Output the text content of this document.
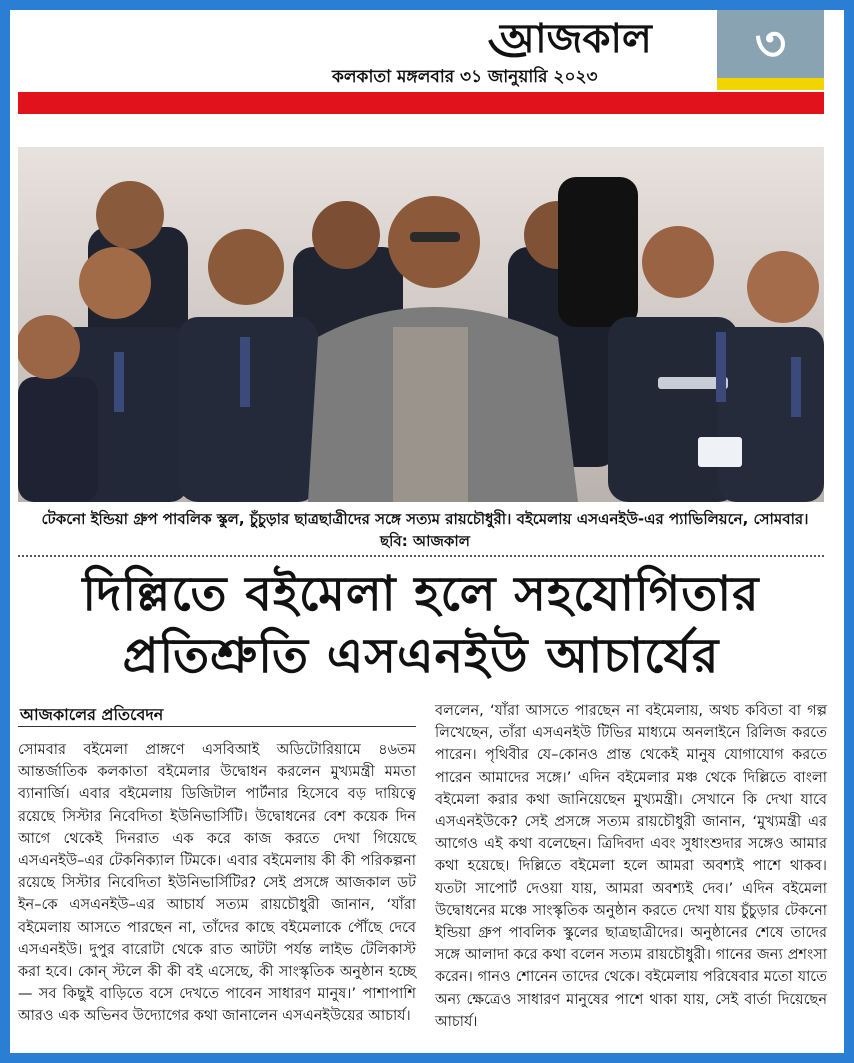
আজকাল
কলকাতা মঙ্গলবার ৩১ জানুয়ারি ২০২৩
৩
টেকনো ইন্ডিয়া গ্রুপ পাবলিক স্কুল, চুঁচুড়ার ছাত্রছাত্রীদের সঙ্গে সত্যম রায়চৌধুরী। বইমেলায় এসএনইউ-এর প্যাভিলিয়নে, সোমবার। ছবি: আজকাল
দিল্লিতে বইমেলা হলে সহযোগিতার প্রতিশ্রুতি এসএনইউ আচার্যের
আজকালের প্রতিবেদন

সোমবার বইমেলা প্রাঙ্গণে এসবিআই অডিটোরিয়ামে ৪৬তম আন্তর্জাতিক কলকাতা বইমেলার উদ্বোধন করলেন মুখ্যমন্ত্রী মমতা ব্যানার্জি। এবার বইমেলায় ডিজিটাল পার্টনার হিসেবে বড় দায়িত্বে রয়েছে সিস্টার নিবেদিতা ইউনিভার্সিটি। উদ্বোধনের বেশ কয়েক দিন আগে থেকেই দিনরাত এক করে কাজ করতে দেখা গিয়েছে এসএনইউ–এর টেকনিক্যাল টিমকে। এবার বইমেলায় কী কী পরিকল্পনা রয়েছে সিস্টার নিবেদিতা ইউনিভার্সিটির? সেই প্রসঙ্গে আজকাল ডট ইন–কে এসএনইউ–এর আচার্য সত্যম রায়চৌধুরী জানান, ‘যাঁরা বইমেলায় আসতে পারছেন না, তাঁদের কাছে বইমেলাকে পৌঁছে দেবে এসএনইউ। দুপুর বারোটা থেকে রাত আটটা পর্যন্ত লাইভ টেলিকাস্ট করা হবে। কোন্‌ স্টলে কী কী বই এসেছে, কী সাংস্কৃতিক অনুষ্ঠান হচ্ছে— সব কিছুই বাড়িতে বসে দেখতে পাবেন সাধারণ মানুষ।’ পাশাপাশি আরও এক অভিনব উদ্যোগের কথা জানালেন এসএনইউয়ের আচার্য।

বললেন, ‘যাঁরা আসতে পারছেন না বইমেলায়, অথচ কবিতা বা গল্প লিখেছেন, তাঁরা এসএনইউ টিভির মাধ্যমে অনলাইনে রিলিজ করতে পারেন। পৃথিবীর যে–কোনও প্রান্ত থেকেই মানুষ যোগাযোগ করতে পারেন আমাদের সঙ্গে।’ এদিন বইমেলার মঞ্চ থেকে দিল্লিতে বাংলা বইমেলা করার কথা জানিয়েছেন মুখ্যমন্ত্রী। সেখানে কি দেখা যাবে এসএনইউকে? সেই প্রসঙ্গে সত্যম রায়চৌধুরী জানান, ‘মুখ্যমন্ত্রী এর আগেও এই কথা বলেছেন। ত্রিদিবদা এবং সুধাংশুদার সঙ্গেও আমার কথা হয়েছে। দিল্লিতে বইমেলা হলে আমরা অবশ্যই পাশে থাকব। যতটা সাপোর্ট দেওয়া যায়, আমরা অবশ্যই দেব।’ এদিন বইমেলা উদ্বোধনের মঞ্চে সাংস্কৃতিক অনুষ্ঠান করতে দেখা যায় চুঁচুড়ার টেকনো ইন্ডিয়া গ্রুপ পাবলিক স্কুলের ছাত্রছাত্রীদের। অনুষ্ঠানের শেষে তাদের সঙ্গে আলাদা করে কথা বলেন সত্যম রায়চৌধুরী। গানের জন্য প্রশংসা করেন। গানও শোনেন তাদের থেকে। বইমেলায় পরিষেবার মতো যাতে অন্য ক্ষেত্রেও সাধারণ মানুষের পাশে থাকা যায়, সেই বার্তা দিয়েছেন আচার্য।
